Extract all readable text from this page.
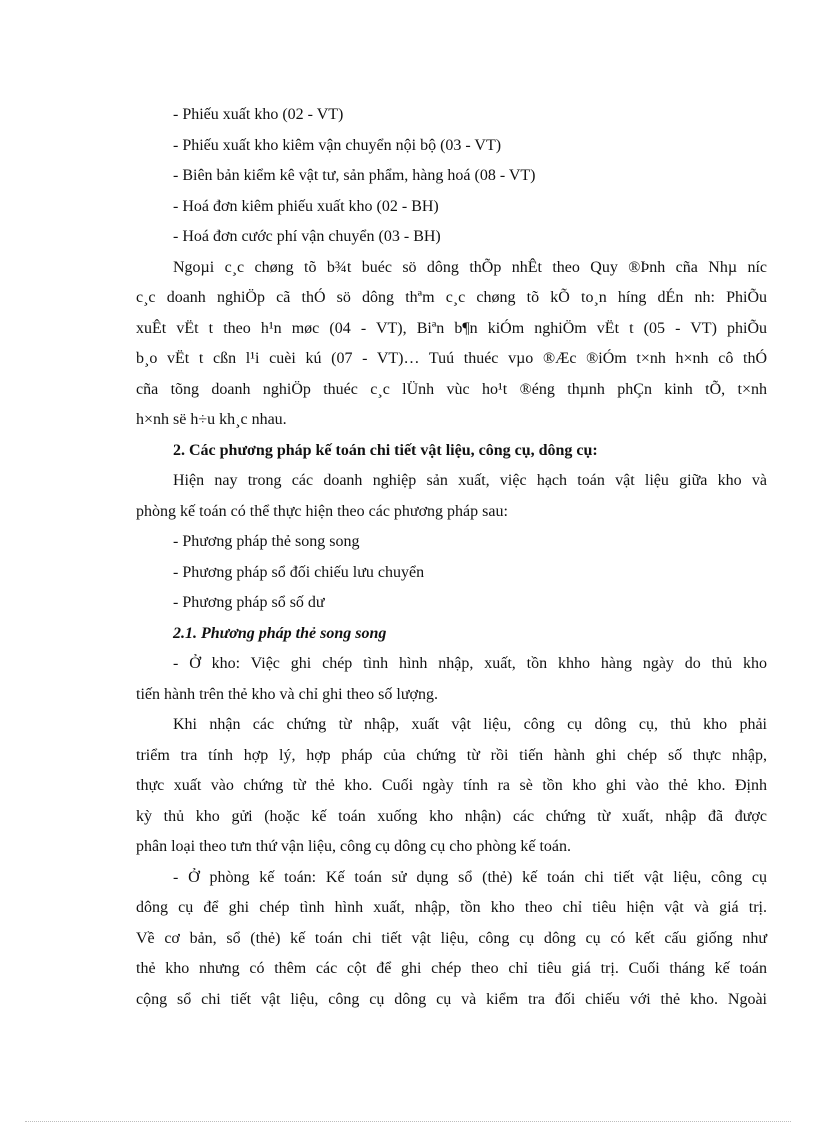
- Phiếu xuất kho (02 - VT)
- Phiếu xuất kho kiêm vận chuyển nội bộ (03 - VT)
- Biên bản kiểm kê vật tư, sản phẩm, hàng hoá (08 - VT)
- Hoá đơn kiêm phiếu xuất kho (02 - BH)
- Hoá đơn cước phí vận chuyển (03 - BH)
Ngoµi c¸c chøng tõ b¾t buéc sö dông thÕp nhÊt theo Quy ®Þnh cña Nhµ níc
c¸c doanh nghiÖp cã thÓ sö dông thªm c¸c chøng tõ kÕ to¸n híng dÉn nh: PhiÕu
xuÊt vËt t theo h¹n møc (04 - VT), Biªn b¶n kiÓm nghiÖm vËt t (05 - VT) phiÕu
b¸o vËt t cßn l¹i cuèi kú (07 - VT)… Tuú thuéc vµo ®Æc ®iÓm t×nh h×nh cô thÓ
cña tõng doanh nghiÖp thuéc c¸c lÜnh vùc ho¹t ®éng thµnh phÇn kinh tÕ, t×nh
h×nh së h÷u kh¸c nhau.
2. Các phương pháp kế toán chi tiết vật liệu, công cụ, dông cụ:
Hiện nay trong các doanh nghiệp sản xuất, việc hạch toán vật liệu giữa kho và
phòng kế toán có thể thực hiện theo các phương pháp sau:
- Phương pháp thẻ song song
- Phương pháp sổ đối chiếu lưu chuyển
- Phương pháp sổ số dư
2.1. Phương pháp thẻ song song
- Ở kho: Việc ghi chép tình hình nhập, xuất, tồn khho hàng ngày do thủ kho
tiến hành trên thẻ kho và chỉ ghi theo số lượng.
Khi nhận các chứng từ nhập, xuất vật liệu, công cụ dông cụ, thủ kho phải
triểm tra tính hợp lý, hợp pháp của chứng từ rồi tiến hành ghi chép số thực nhập,
thực xuất vào chứng từ thẻ kho. Cuối ngày tính ra sè tồn kho ghi vào thẻ kho. Định
kỳ thủ kho gửi (hoặc kế toán xuống kho nhận) các chứng từ xuất, nhập đã được
phân loại theo tưn thứ vận liệu, công cụ dông cụ cho phòng kế toán.
- Ở phòng kế toán: Kế toán sử dụng sổ (thẻ) kế toán chi tiết vật liệu, công cụ
dông cụ để ghi chép tình hình xuất, nhập, tồn kho theo chỉ tiêu hiện vật và giá trị.
Về cơ bản, sổ (thẻ) kế toán chi tiết vật liệu, công cụ dông cụ có kết cấu giống như
thẻ kho nhưng có thêm các cột để ghi chép theo chỉ tiêu giá trị. Cuối tháng kế toán
cộng sổ chi tiết vật liệu, công cụ dông cụ và kiểm tra đối chiếu với thẻ kho. Ngoài
